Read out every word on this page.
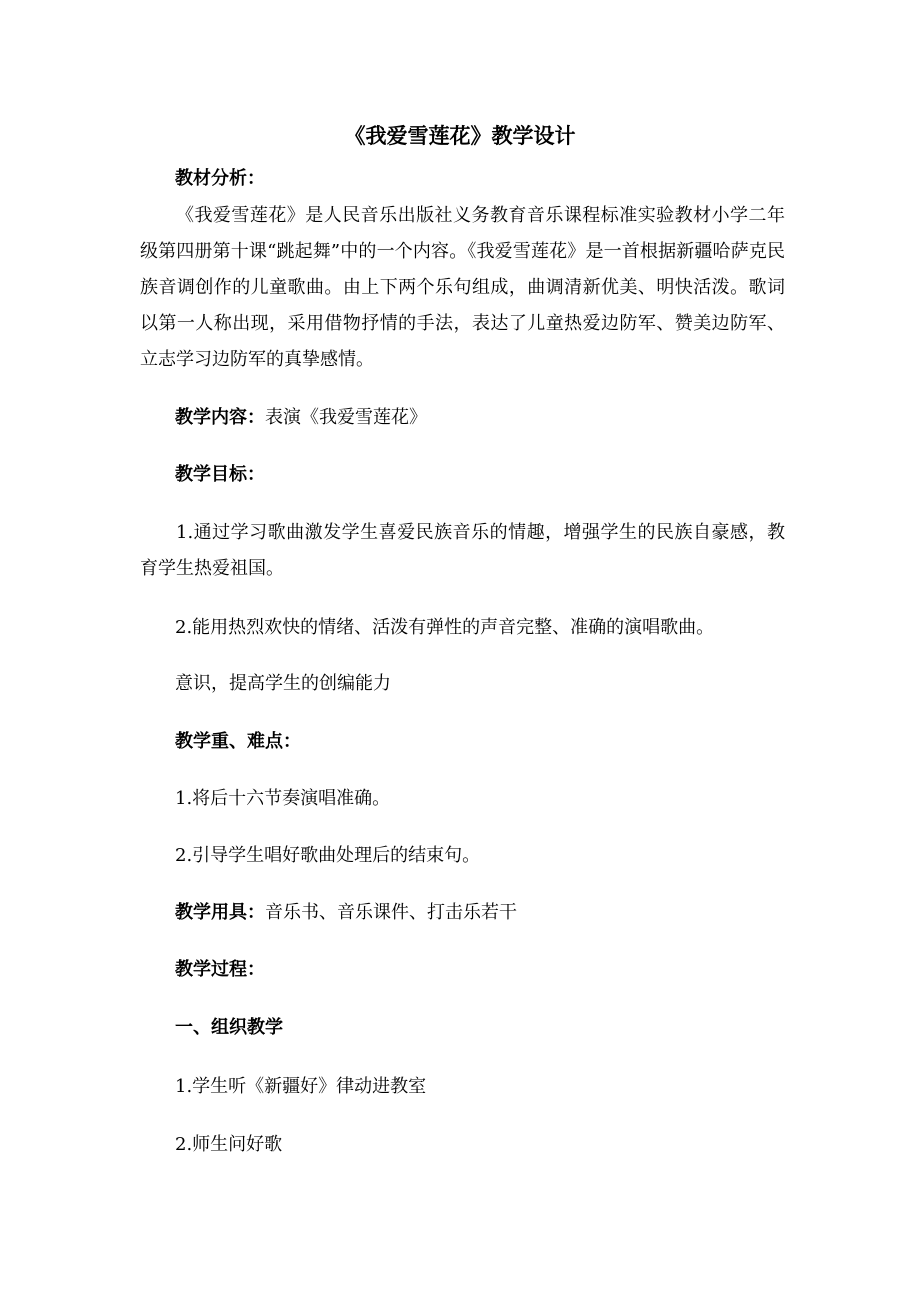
《我爱雪莲花》教学设计
教材分析：
《我爱雪莲花》是人民音乐出版社义务教育音乐课程标准实验教材小学二年级第四册第十课“跳起舞”中的一个内容。《我爱雪莲花》是一首根据新疆哈萨克民族音调创作的儿童歌曲。由上下两个乐句组成，曲调清新优美、明快活泼。歌词以第一人称出现，采用借物抒情的手法，表达了儿童热爱边防军、赞美边防军、立志学习边防军的真挚感情。
教学内容：表演《我爱雪莲花》
教学目标：
1.通过学习歌曲激发学生喜爱民族音乐的情趣，增强学生的民族自豪感，教育学生热爱祖国。
2.能用热烈欢快的情绪、活泼有弹性的声音完整、准确的演唱歌曲。
意识，提高学生的创编能力
教学重、难点：
1.将后十六节奏演唱准确。
2.引导学生唱好歌曲处理后的结束句。
教学用具：音乐书、音乐课件、打击乐若干
教学过程：
一、组织教学
1.学生听《新疆好》律动进教室
2.师生问好歌
